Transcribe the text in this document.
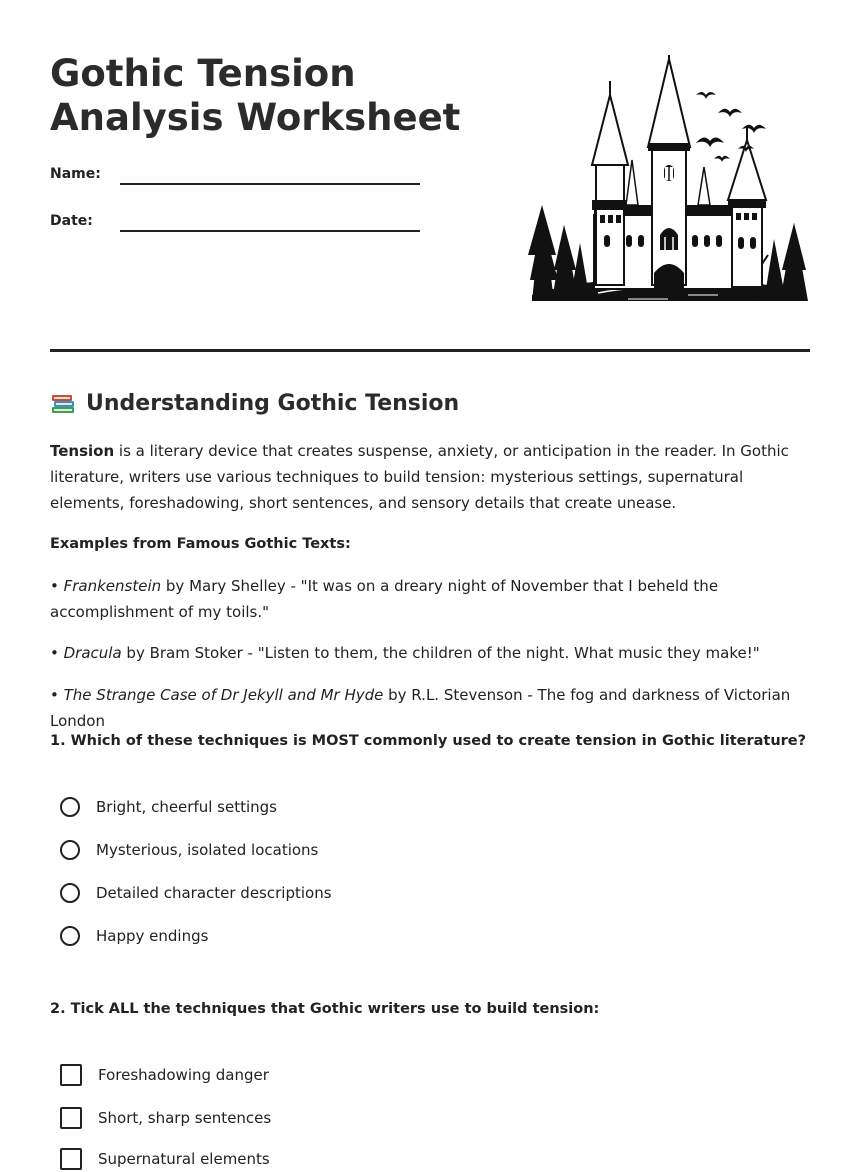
Gothic Tension Analysis Worksheet
Name:
Date:
Understanding Gothic Tension

Tension is a literary device that creates suspense, anxiety, or anticipation in the reader. In Gothic literature, writers use various techniques to build tension: mysterious settings, supernatural elements, foreshadowing, short sentences, and sensory details that create unease.

Examples from Famous Gothic Texts:

• Frankenstein by Mary Shelley - "It was on a dreary night of November that I beheld the accomplishment of my toils."

• Dracula by Bram Stoker - "Listen to them, the children of the night. What music they make!"

• The Strange Case of Dr Jekyll and Mr Hyde by R.L. Stevenson - The fog and darkness of Victorian London

1. Which of these techniques is MOST commonly used to create tension in Gothic literature?

Bright, cheerful settings
Mysterious, isolated locations
Detailed character descriptions
Happy endings

2. Tick ALL the techniques that Gothic writers use to build tension:

Foreshadowing danger
Short, sharp sentences
Supernatural elements
